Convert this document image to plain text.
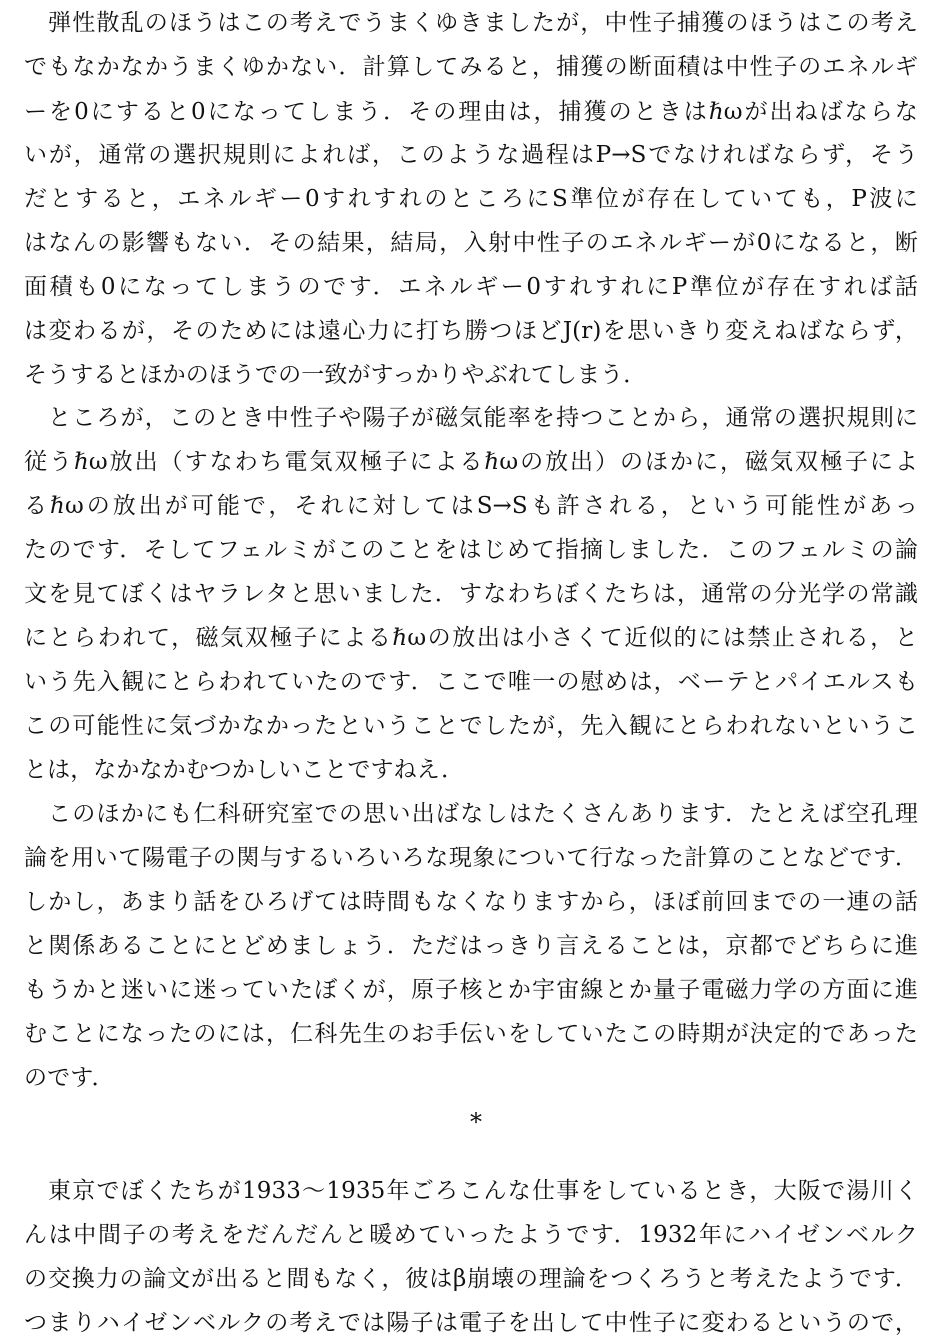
弾性散乱のほうはこの考えでうまくゆきましたが，中性子捕獲のほうはこの考え
でもなかなかうまくゆかない．計算してみると，捕獲の断面積は中性子のエネルギ
ーを0にすると0になってしまう．その理由は，捕獲のときはℏωが出ねばならな
いが，通常の選択規則によれば，このような過程はP→Sでなければならず，そう
だとすると，エネルギー0すれすれのところにS準位が存在していても，P波に
はなんの影響もない．その結果，結局，入射中性子のエネルギーが0になると，断
面積も0になってしまうのです．エネルギー0すれすれにP準位が存在すれば話
は変わるが，そのためには遠心力に打ち勝つほどJ(r)を思いきり変えねばならず，
そうするとほかのほうでの一致がすっかりやぶれてしまう．
ところが，このとき中性子や陽子が磁気能率を持つことから，通常の選択規則に
従うℏω放出（すなわち電気双極子によるℏωの放出）のほかに，磁気双極子によ
るℏωの放出が可能で，それに対してはS→Sも許される，という可能性があっ
たのです．そしてフェルミがこのことをはじめて指摘しました．このフェルミの論
文を見てぼくはヤラレタと思いました．すなわちぼくたちは，通常の分光学の常識
にとらわれて，磁気双極子によるℏωの放出は小さくて近似的には禁止される，と
いう先入観にとらわれていたのです．ここで唯一の慰めは，ベーテとパイエルスも
この可能性に気づかなかったということでしたが，先入観にとらわれないというこ
とは，なかなかむつかしいことですねえ．
このほかにも仁科研究室での思い出ばなしはたくさんあります．たとえば空孔理
論を用いて陽電子の関与するいろいろな現象について行なった計算のことなどです．
しかし，あまり話をひろげては時間もなくなりますから，ほぼ前回までの一連の話
と関係あることにとどめましょう．ただはっきり言えることは，京都でどちらに進
もうかと迷いに迷っていたぼくが，原子核とか宇宙線とか量子電磁力学の方面に進
むことになったのには，仁科先生のお手伝いをしていたこの時期が決定的であった
のです．
*
東京でぼくたちが1933～1935年ごろこんな仕事をしているとき，大阪で湯川く
んは中間子の考えをだんだんと暖めていったようです．1932年にハイゼンベルク
の交換力の論文が出ると間もなく，彼はβ崩壊の理論をつくろうと考えたようです．
つまりハイゼンベルクの考えでは陽子は電子を出して中性子に変わるというので，
